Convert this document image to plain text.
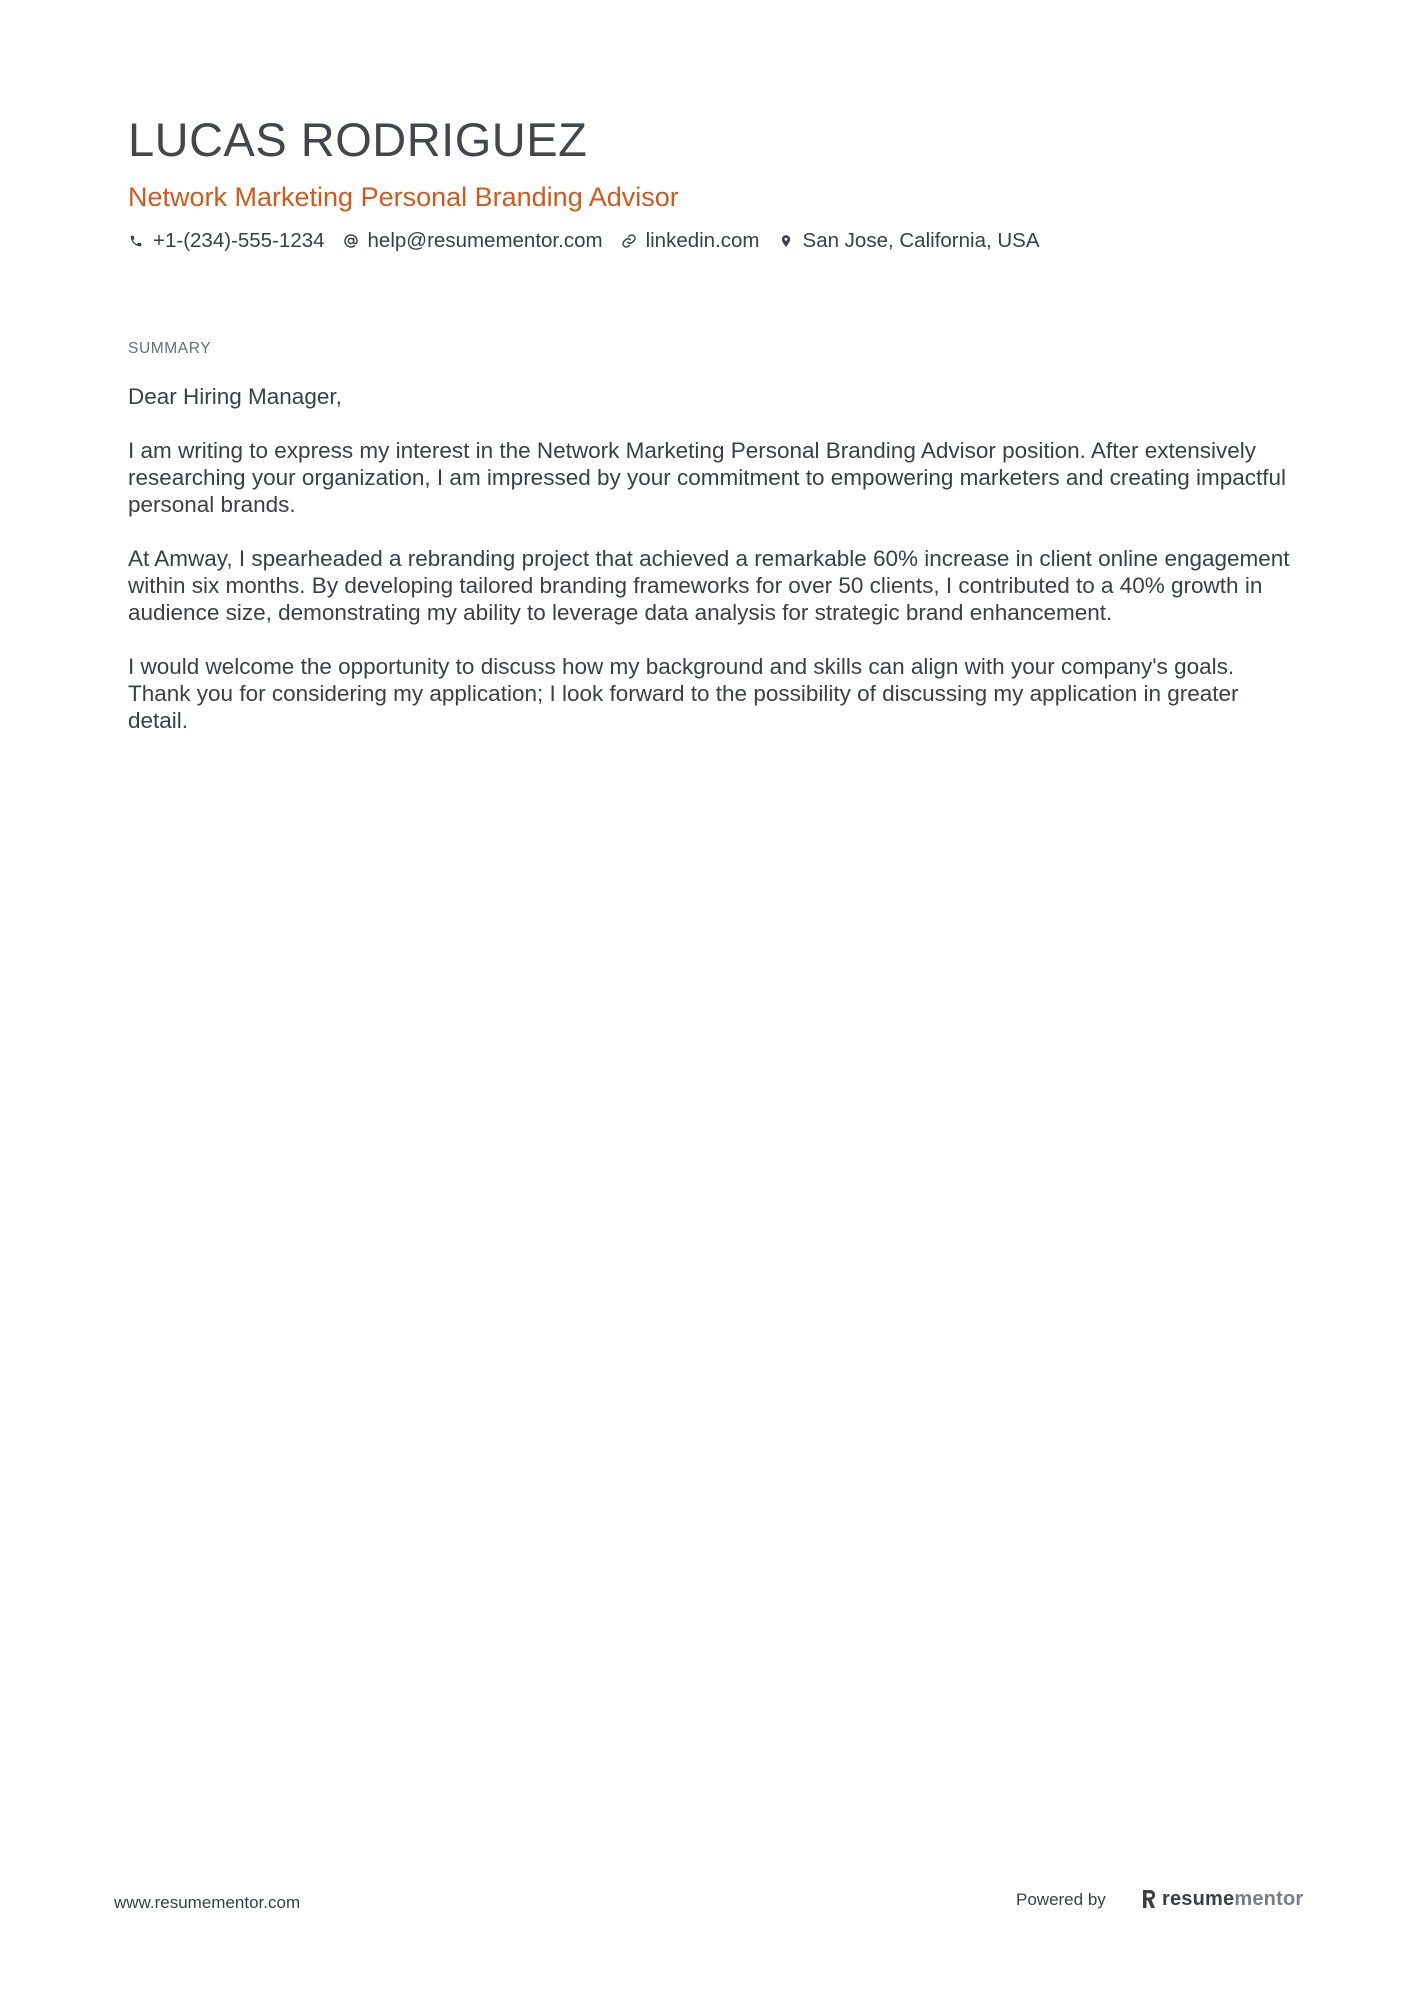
LUCAS RODRIGUEZ
Network Marketing Personal Branding Advisor
+1-(234)-555-1234 help@resumementor.com linkedin.com San Jose, California, USA
SUMMARY

Dear Hiring Manager,

I am writing to express my interest in the Network Marketing Personal Branding Advisor position. After extensively researching your organization, I am impressed by your commitment to empowering marketers and creating impactful personal brands.

At Amway, I spearheaded a rebranding project that achieved a remarkable 60% increase in client online engagement within six months. By developing tailored branding frameworks for over 50 clients, I contributed to a 40% growth in audience size, demonstrating my ability to leverage data analysis for strategic brand enhancement.

I would welcome the opportunity to discuss how my background and skills can align with your company's goals. Thank you for considering my application; I look forward to the possibility of discussing my application in greater detail.

www.resumementor.com	Powered by	resume mentor
